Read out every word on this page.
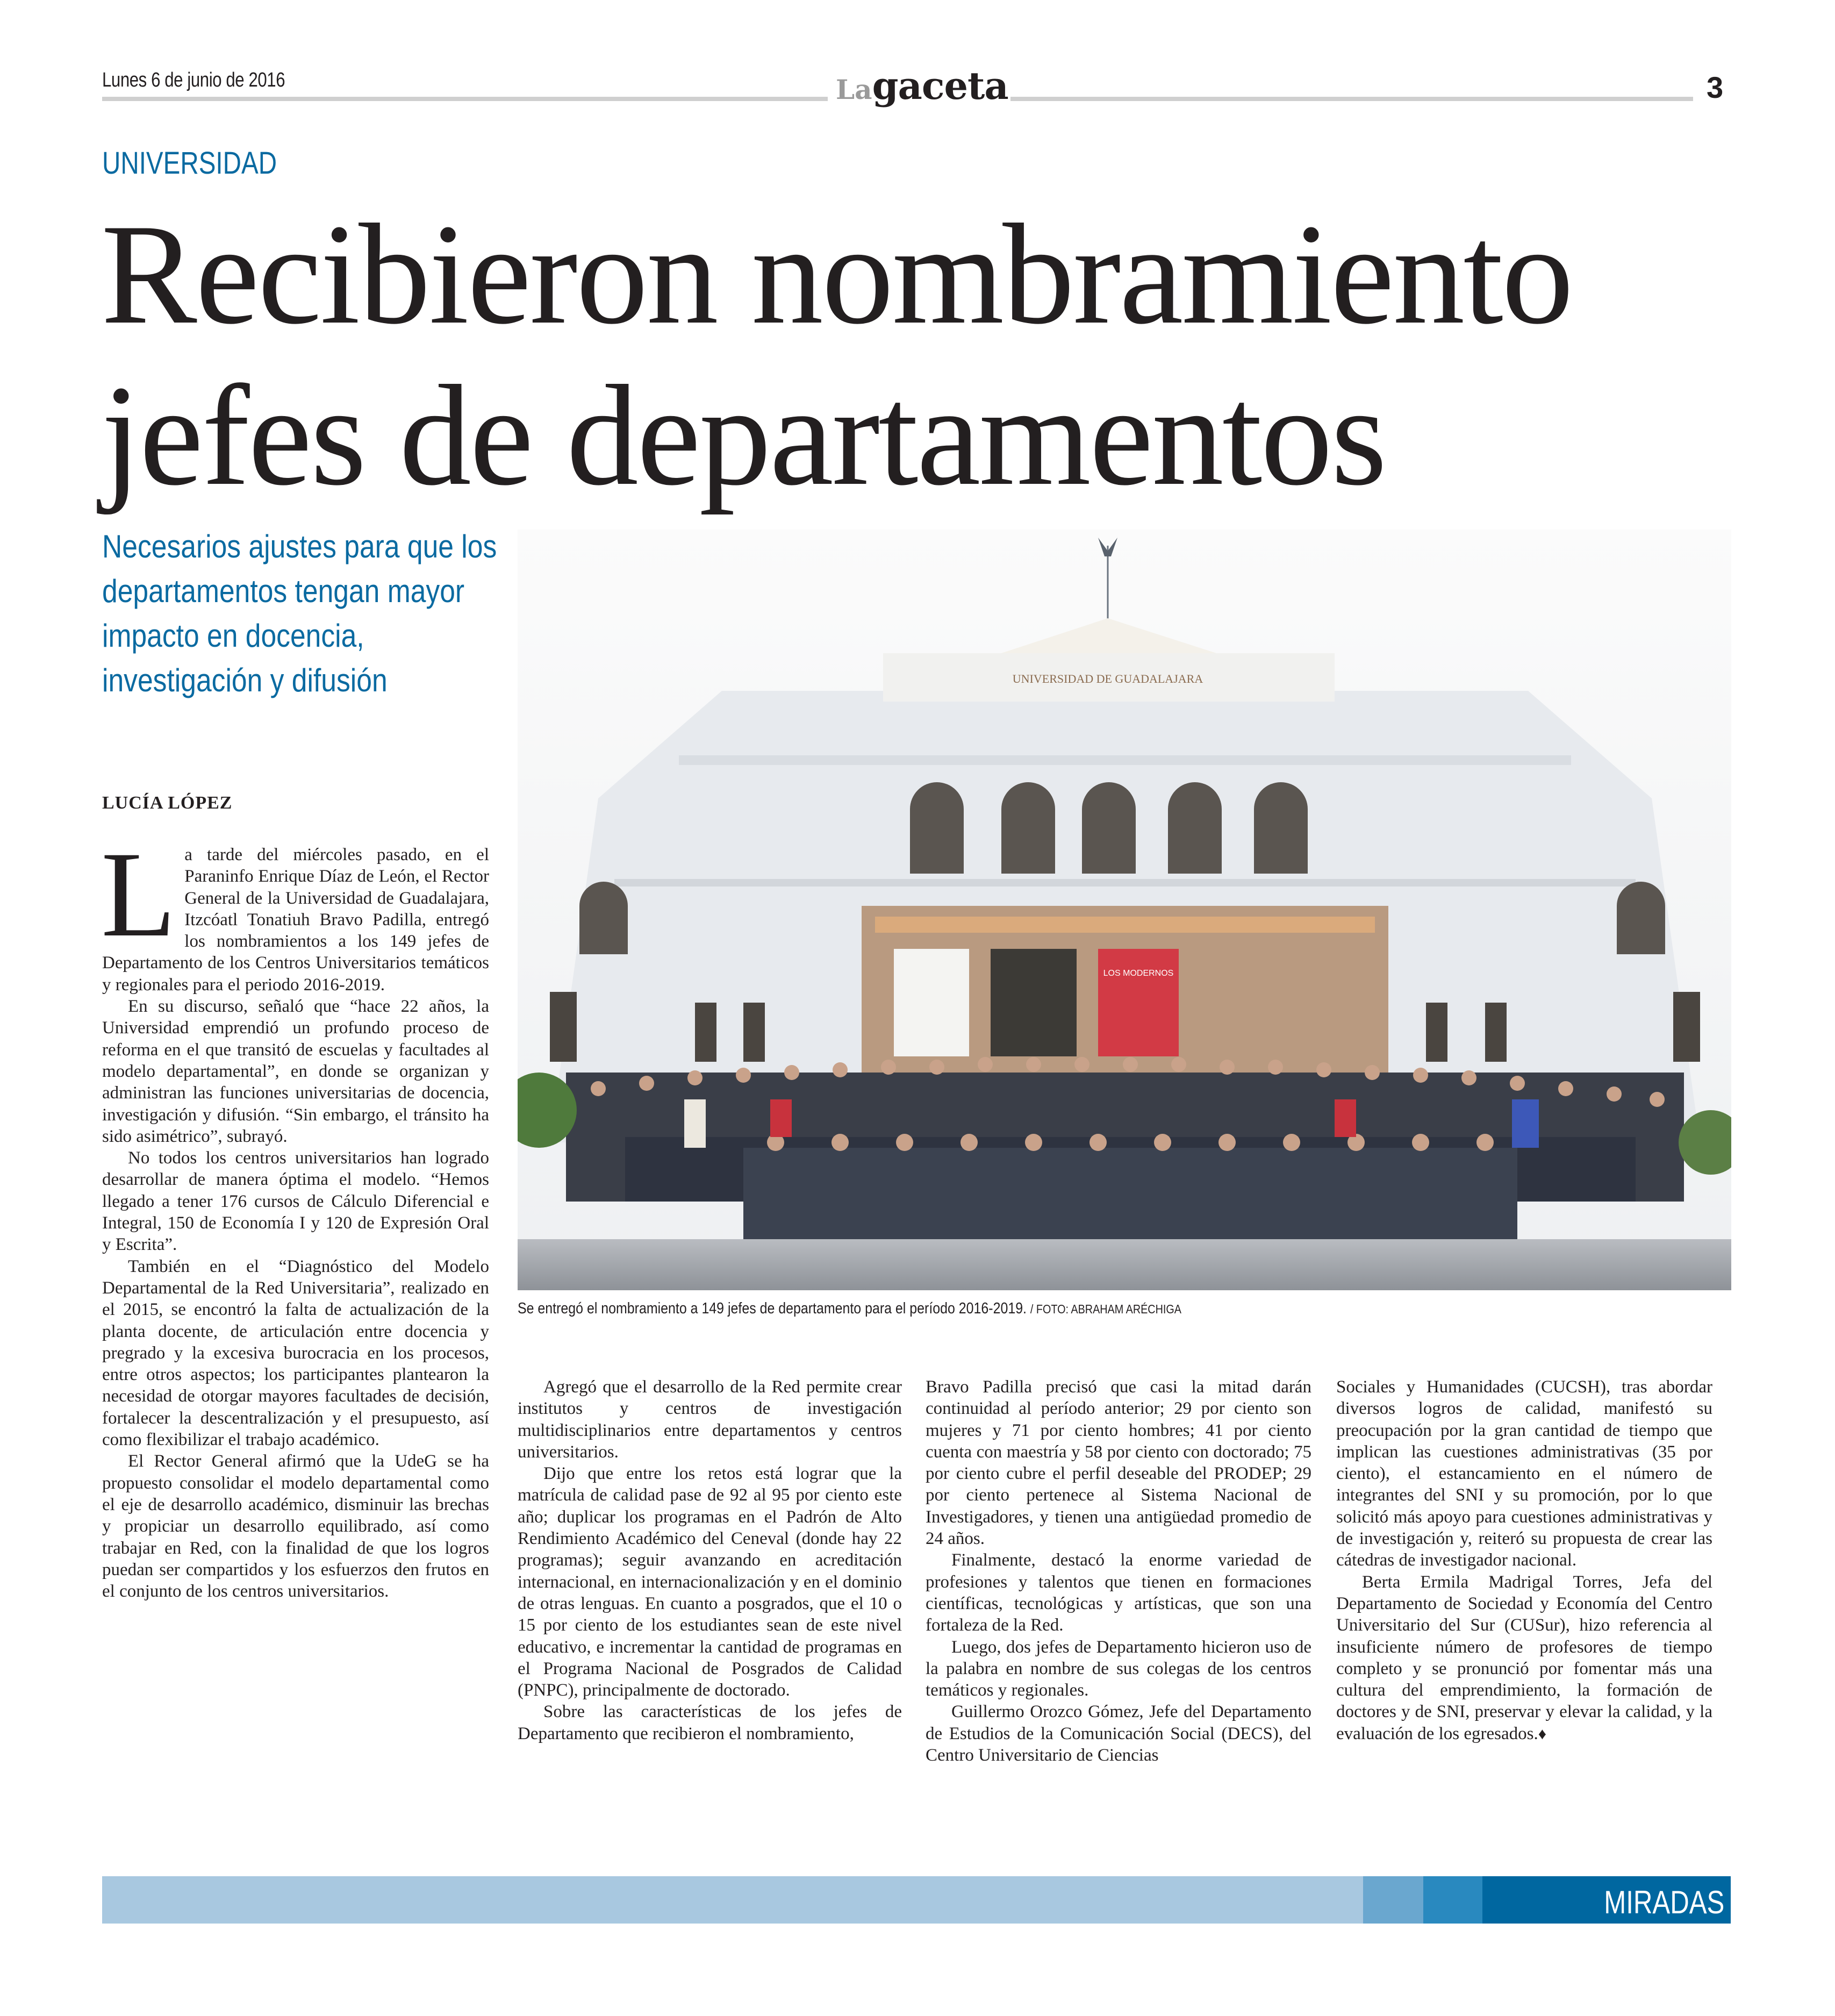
Lunes 6 de junio de 2016	Lagaceta	3
UNIVERSIDAD
Recibieron nombramiento jefes de departamentos
Necesarios ajustes para que los departamentos tengan mayor impacto en docencia, investigación y difusión
LUCÍA LÓPEZ

La tarde del miércoles pasado, en el Paraninfo Enrique Díaz de León, el Rector General de la Universidad de Guadalajara, Itzcóatl Tonatiuh Bravo Padilla, entregó los nombramientos a los 149 jefes de Departamento de los Centros Universitarios temáticos y regionales para el periodo 2016-2019.

En su discurso, señaló que “hace 22 años, la Universidad emprendió un profundo proceso de reforma en el que transitó de escuelas y facultades al modelo departamental”, en donde se organizan y administran las funciones universitarias de docencia, investigación y difusión. “Sin embargo, el tránsito ha sido asimétrico”, subrayó.

No todos los centros universitarios han logrado desarrollar de manera óptima el modelo. “Hemos llegado a tener 176 cursos de Cálculo Diferencial e Integral, 150 de Economía I y 120 de Expresión Oral y Escrita”.

También en el “Diagnóstico del Modelo Departamental de la Red Universitaria”, realizado en el 2015, se encontró la falta de actualización de la planta docente, de articulación entre docencia y pregrado y la excesiva burocracia en los procesos, entre otros aspectos; los participantes plantearon la necesidad de otorgar mayores facultades de decisión, fortalecer la descentralización y el presupuesto, así como flexibilizar el trabajo académico.

El Rector General afirmó que la UdeG se ha propuesto consolidar el modelo departamental como el eje de desarrollo académico, disminuir las brechas y propiciar un desarrollo equilibrado, así como trabajar en Red, con la finalidad de que los logros puedan ser compartidos y los esfuerzos den frutos en el conjunto de los centros universitarios.

UNIVERSIDAD DE GUADALAJARA
LOS MODERNOS
Se entregó el nombramiento a 149 jefes de departamento para el período 2016-2019. / FOTO: ABRAHAM ARÉCHIGA

Agregó que el desarrollo de la Red permite crear institutos y centros de investigación multidisciplinarios entre departamentos y centros universitarios.

Dijo que entre los retos está lograr que la matrícula de calidad pase de 92 al 95 por ciento este año; duplicar los programas en el Padrón de Alto Rendimiento Académico del Ceneval (donde hay 22 programas); seguir avanzando en acreditación internacional, en internacionalización y en el dominio de otras lenguas. En cuanto a posgrados, que el 10 o 15 por ciento de los estudiantes sean de este nivel educativo, e incrementar la cantidad de programas en el Programa Nacional de Posgrados de Calidad (PNPC), principalmente de doctorado.

Sobre las características de los jefes de Departamento que recibieron el nombramiento,

Bravo Padilla precisó que casi la mitad darán continuidad al período anterior; 29 por ciento son mujeres y 71 por ciento hombres; 41 por ciento cuenta con maestría y 58 por ciento con doctorado; 75 por ciento cubre el perfil deseable del PRODEP; 29 por ciento pertenece al Sistema Nacional de Investigadores, y tienen una antigüedad promedio de 24 años.

Finalmente, destacó la enorme variedad de profesiones y talentos que tienen en formaciones científicas, tecnológicas y artísticas, que son una fortaleza de la Red.

Luego, dos jefes de Departamento hicieron uso de la palabra en nombre de sus colegas de los centros temáticos y regionales.

Guillermo Orozco Gómez, Jefe del Departamento de Estudios de la Comunicación Social (DECS), del Centro Universitario de Ciencias

Sociales y Humanidades (CUCSH), tras abordar diversos logros de calidad, manifestó su preocupación por la gran cantidad de tiempo que implican las cuestiones administrativas (35 por ciento), el estancamiento en el número de integrantes del SNI y su promoción, por lo que solicitó más apoyo para cuestiones administrativas y de investigación y, reiteró su propuesta de crear las cátedras de investigador nacional.

Berta Ermila Madrigal Torres, Jefa del Departamento de Sociedad y Economía del Centro Universitario del Sur (CUSur), hizo referencia al insuficiente número de profesores de tiempo completo y se pronunció por fomentar más una cultura del emprendimiento, la formación de doctores y de SNI, preservar y elevar la calidad, y la evaluación de los egresados.♦

MIRADAS
